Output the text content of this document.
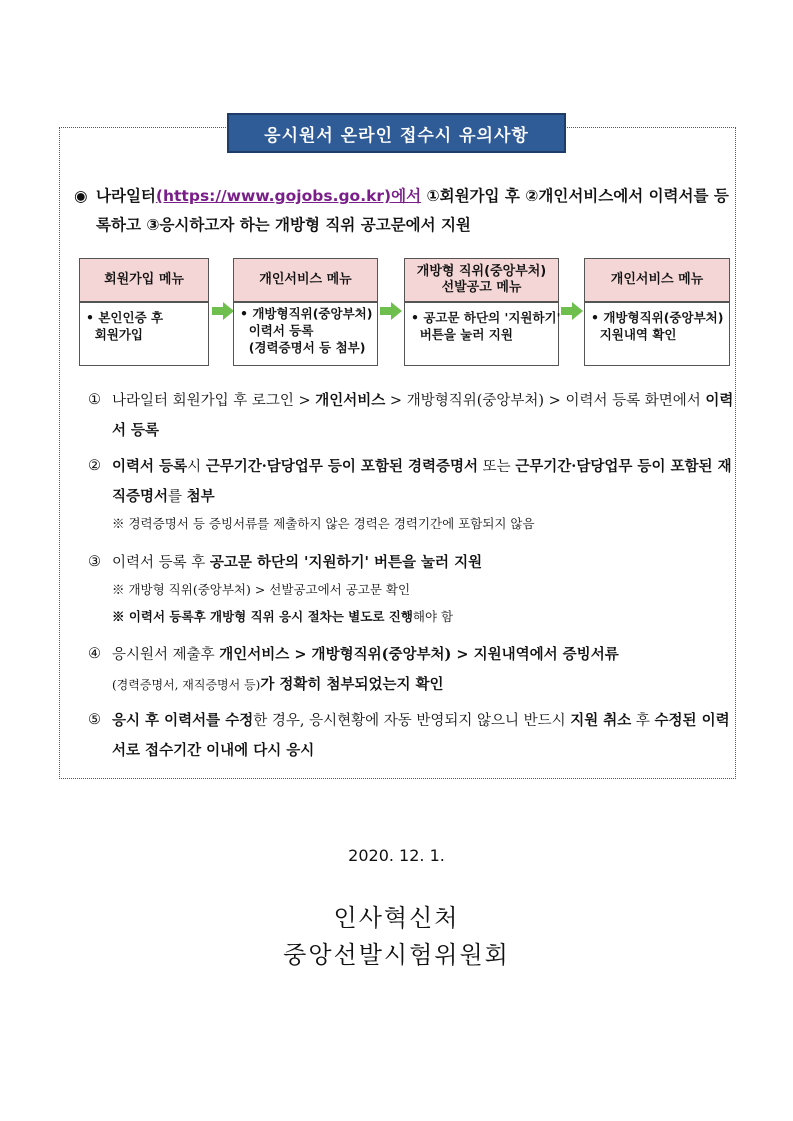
응시원서 온라인 접수시 유의사항
◉ 나라일터(https://www.gojobs.go.kr)에서 ①회원가입 후 ②개인서비스에서 이력서를 등록하고 ③응시하고자 하는 개방형 직위 공고문에서 지원
회원가입 메뉴
• 본인인증 후
회원가입
개인서비스 메뉴
• 개방형직위(중앙부처)
이력서 등록
(경력증명서 등 첨부)
개방형 직위(중앙부처)
선발공고 메뉴
• 공고문 하단의 '지원하기'
버튼을 눌러 지원
개인서비스 메뉴
• 개방형직위(중앙부처)
지원내역 확인
① 나라일터 회원가입 후 로그인 > 개인서비스 > 개방형직위(중앙부처) > 이력서 등록 화면에서 이력서 등록
② 이력서 등록시 근무기간·담당업무 등이 포함된 경력증명서 또는 근무기간·담당업무 등이 포함된 재직증명서를 첨부
※ 경력증명서 등 증빙서류를 제출하지 않은 경력은 경력기간에 포함되지 않음
③ 이력서 등록 후 공고문 하단의 '지원하기' 버튼을 눌러 지원
※ 개방형 직위(중앙부처) > 선발공고에서 공고문 확인
※ 이력서 등록후 개방형 직위 응시 절차는 별도로 진행해야 함
④ 응시원서 제출후 개인서비스 > 개방형직위(중앙부처) > 지원내역에서 증빙서류
(경력증명서, 재직증명서 등)가 정확히 첨부되었는지 확인
⑤ 응시 후 이력서를 수정한 경우, 응시현황에 자동 반영되지 않으니 반드시 지원 취소 후 수정된 이력서로 접수기간 이내에 다시 응시
2020. 12. 1.
인사혁신처
중앙선발시험위원회
